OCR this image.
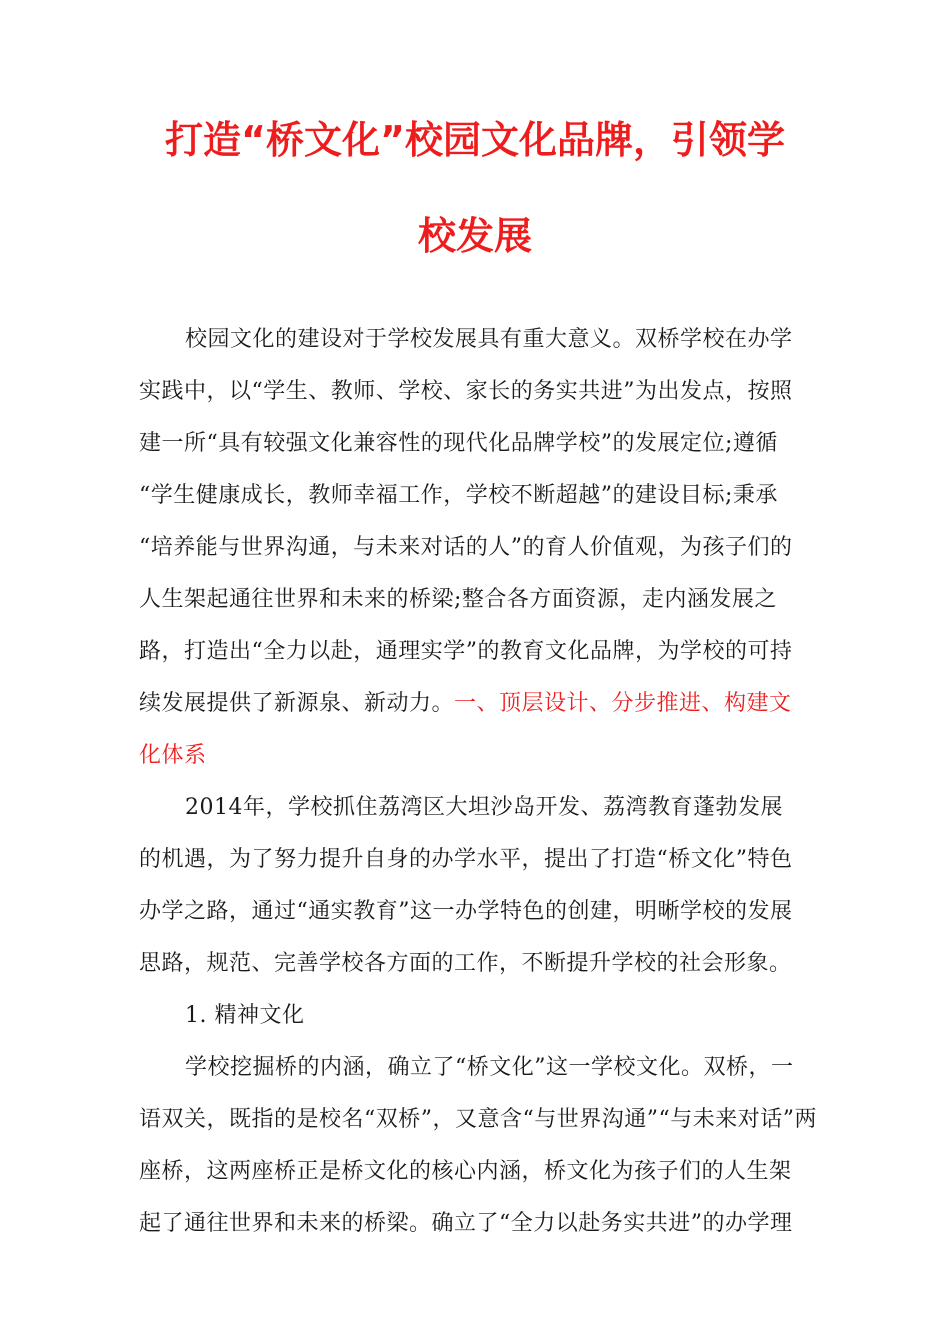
打造“桥文化”校园文化品牌，引领学
校发展
校园文化的建设对于学校发展具有重大意义。双桥学校在办学
实践中，以“学生、教师、学校、家长的务实共进”为出发点，按照
建一所“具有较强文化兼容性的现代化品牌学校”的发展定位;遵循
“学生健康成长，教师幸福工作，学校不断超越”的建设目标;秉承
“培养能与世界沟通，与未来对话的人”的育人价值观，为孩子们的
人生架起通往世界和未来的桥梁;整合各方面资源，走内涵发展之
路，打造出“全力以赴，通理实学”的教育文化品牌，为学校的可持
续发展提供了新源泉、新动力。一、顶层设计、分步推进、构建文
化体系
2014年，学校抓住荔湾区大坦沙岛开发、荔湾教育蓬勃发展
的机遇，为了努力提升自身的办学水平，提出了打造“桥文化”特色
办学之路，通过“通实教育”这一办学特色的创建，明晰学校的发展
思路，规范、完善学校各方面的工作，不断提升学校的社会形象。
1. 精神文化
学校挖掘桥的内涵，确立了“桥文化”这一学校文化。双桥，一
语双关，既指的是校名“双桥”，又意含“与世界沟通”“与未来对话”两
座桥，这两座桥正是桥文化的核心内涵，桥文化为孩子们的人生架
起了通往世界和未来的桥梁。确立了“全力以赴务实共进”的办学理
